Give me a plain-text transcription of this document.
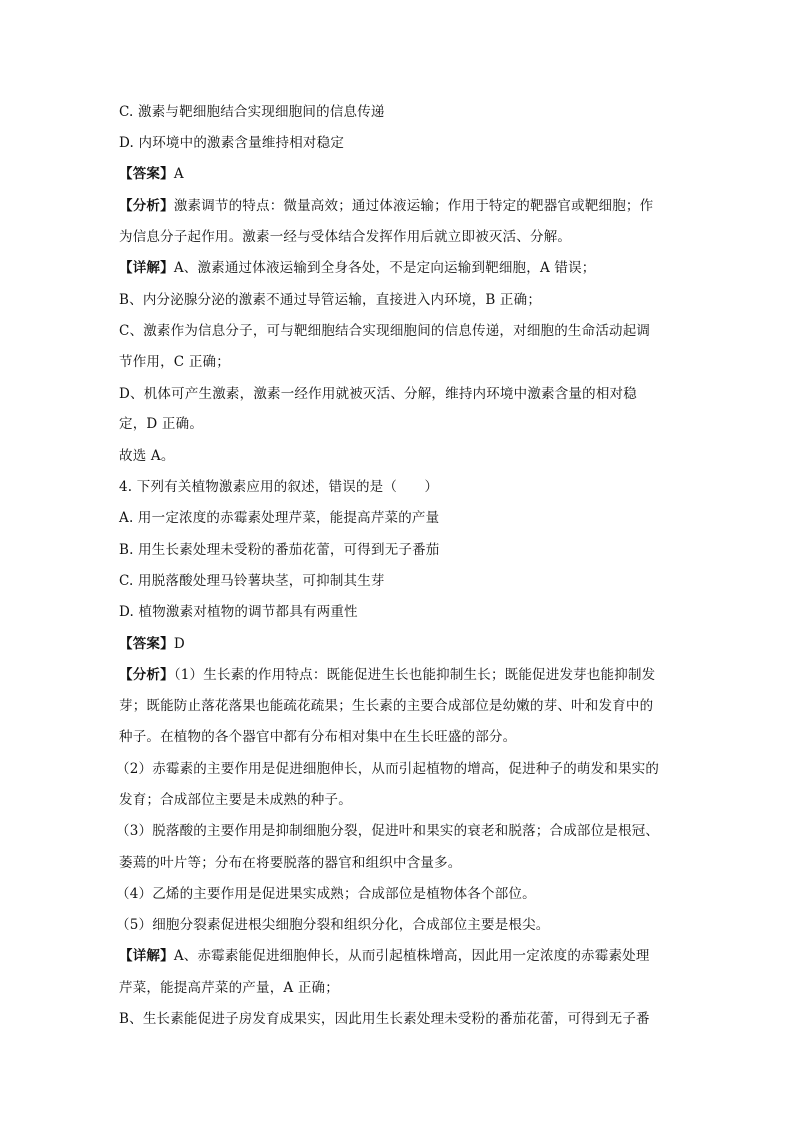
C. 激素与靶细胞结合实现细胞间的信息传递
D. 内环境中的激素含量维持相对稳定
【答案】A
【分析】激素调节的特点：微量高效；通过体液运输；作用于特定的靶器官或靶细胞；作
为信息分子起作用。激素一经与受体结合发挥作用后就立即被灭活、分解。
【详解】A、激素通过体液运输到全身各处，不是定向运输到靶细胞，A 错误；
B、内分泌腺分泌的激素不通过导管运输，直接进入内环境，B 正确；
C、激素作为信息分子，可与靶细胞结合实现细胞间的信息传递，对细胞的生命活动起调
节作用，C 正确；
D、机体可产生激素，激素一经作用就被灭活、分解，维持内环境中激素含量的相对稳
定，D 正确。
故选 A。
4. 下列有关植物激素应用的叙述，错误的是（　　）
A. 用一定浓度的赤霉素处理芹菜，能提高芹菜的产量
B. 用生长素处理未受粉的番茄花蕾，可得到无子番茄
C. 用脱落酸处理马铃薯块茎，可抑制其生芽
D. 植物激素对植物的调节都具有两重性
【答案】D
【分析】（1）生长素的作用特点：既能促进生长也能抑制生长；既能促进发芽也能抑制发
芽；既能防止落花落果也能疏花疏果；生长素的主要合成部位是幼嫩的芽、叶和发育中的
种子。在植物的各个器官中都有分布相对集中在生长旺盛的部分。
（2）赤霉素的主要作用是促进细胞伸长，从而引起植物的增高，促进种子的萌发和果实的
发育；合成部位主要是未成熟的种子。
（3）脱落酸的主要作用是抑制细胞分裂，促进叶和果实的衰老和脱落；合成部位是根冠、
萎蔫的叶片等；分布在将要脱落的器官和组织中含量多。
（4）乙烯的主要作用是促进果实成熟；合成部位是植物体各个部位。
（5）细胞分裂素促进根尖细胞分裂和组织分化，合成部位主要是根尖。
【详解】A、赤霉素能促进细胞伸长，从而引起植株增高，因此用一定浓度的赤霉素处理
芹菜，能提高芹菜的产量，A 正确；
B、生长素能促进子房发育成果实，因此用生长素处理未受粉的番茄花蕾，可得到无子番
